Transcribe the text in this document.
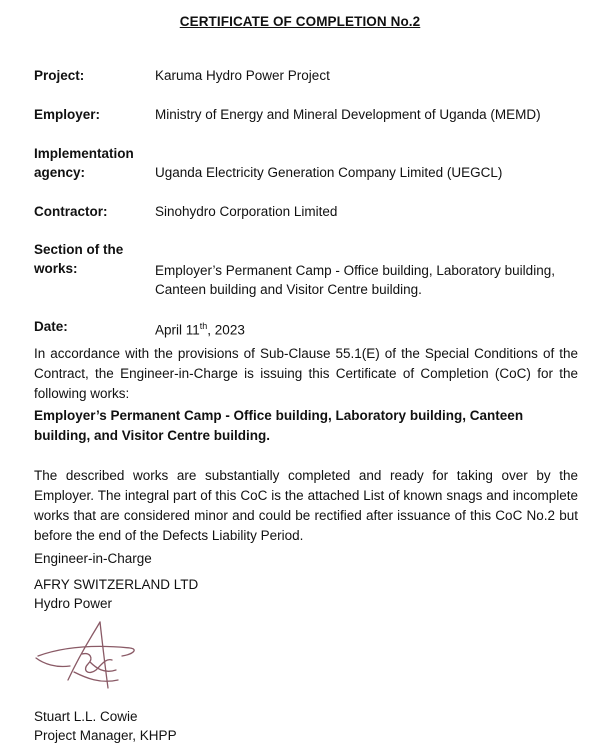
CERTIFICATE OF COMPLETION No.2
Project:	Karuma Hydro Power Project
Employer:	Ministry of Energy and Mineral Development of Uganda (MEMD)
Implementation
agency:	Uganda Electricity Generation Company Limited (UEGCL)
Contractor:	Sinohydro Corporation Limited
Section of the
works:	Employer’s Permanent Camp - Office building, Laboratory building,
Canteen building and Visitor Centre building.
Date:	April 11th, 2023
In accordance with the provisions of Sub-Clause 55.1(E) of the Special Conditions of the Contract, the Engineer-in-Charge is issuing this Certificate of Completion (CoC) for the following works:
Employer’s Permanent Camp - Office building, Laboratory building, Canteen building, and Visitor Centre building.
The described works are substantially completed and ready for taking over by the Employer. The integral part of this CoC is the attached List of known snags and incomplete works that are considered minor and could be rectified after issuance of this CoC No.2 but before the end of the Defects Liability Period.
Engineer-in-Charge
AFRY SWITZERLAND LTD
Hydro Power
Stuart L.L. Cowie
Project Manager, KHPP
